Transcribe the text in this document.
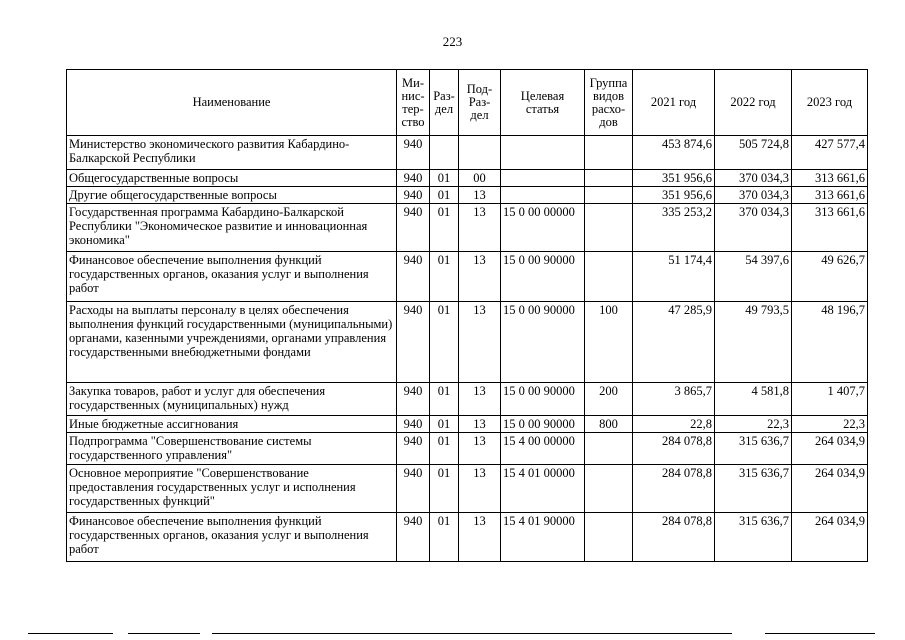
223
Наименование	Ми-нис-тер-ство	Раз-дел	Под-Раз-дел	Целевая статья	Группа видов расхо-дов	2021 год	2022 год	2023 год
Министерство экономического развития Кабардино-Балкарской Республики	940					453 874,6	505 724,8	427 577,4
Общегосударственные вопросы	940	01	00			351 956,6	370 034,3	313 661,6
Другие общегосударственные вопросы	940	01	13			351 956,6	370 034,3	313 661,6
Государственная программа Кабардино-Балкарской Республики "Экономическое развитие и инновационная экономика"	940	01	13	15 0 00 00000		335 253,2	370 034,3	313 661,6
Финансовое обеспечение выполнения функций государственных органов, оказания услуг и выполнения работ	940	01	13	15 0 00 90000		51 174,4	54 397,6	49 626,7
Расходы на выплаты персоналу в целях обеспечения выполнения функций государственными (муниципальными) органами, казенными учреждениями, органами управления государственными внебюджетными фондами	940	01	13	15 0 00 90000	100	47 285,9	49 793,5	48 196,7
Закупка товаров, работ и услуг для обеспечения государственных (муниципальных) нужд	940	01	13	15 0 00 90000	200	3 865,7	4 581,8	1 407,7
Иные бюджетные ассигнования	940	01	13	15 0 00 90000	800	22,8	22,3	22,3
Подпрограмма "Совершенствование системы государственного управления"	940	01	13	15 4 00 00000		284 078,8	315 636,7	264 034,9
Основное мероприятие "Совершенствование предоставления государственных услуг и исполнения государственных функций"	940	01	13	15 4 01 00000		284 078,8	315 636,7	264 034,9
Финансовое обеспечение выполнения функций государственных органов, оказания услуг и выполнения работ	940	01	13	15 4 01 90000		284 078,8	315 636,7	264 034,9
